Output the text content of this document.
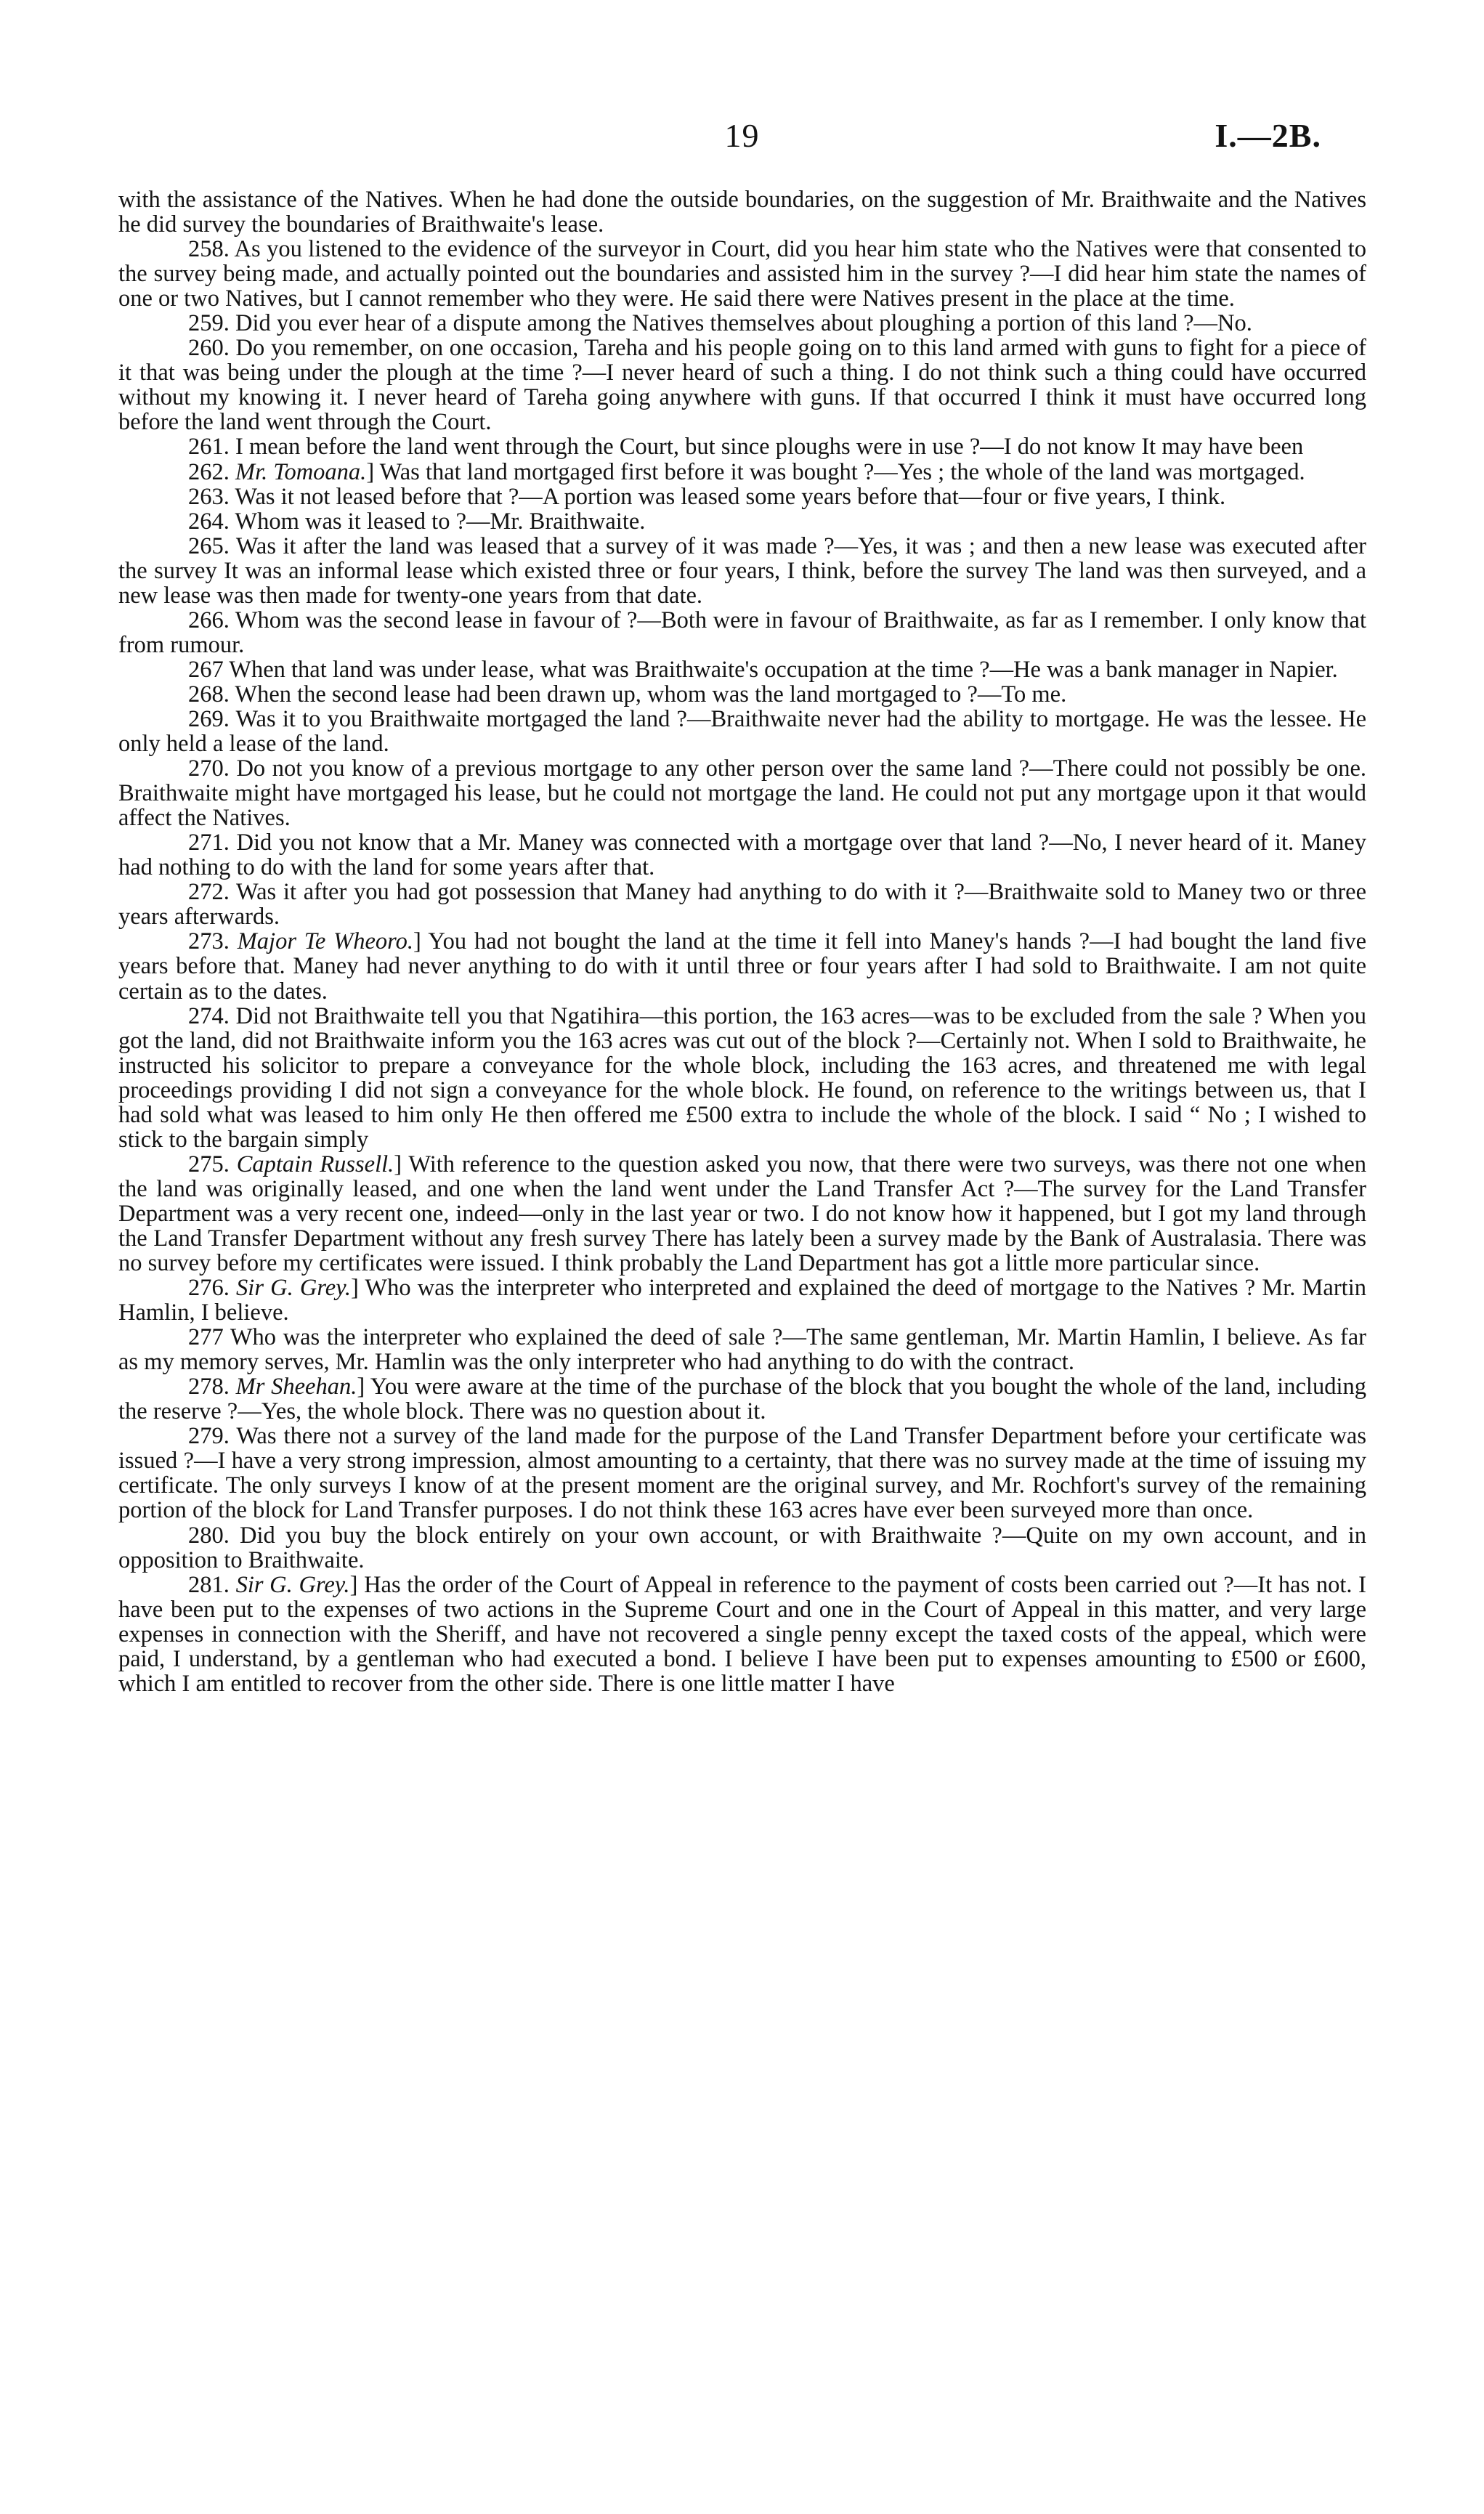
19	I.—2B.

with the assistance of the Natives. When he had done the outside boundaries, on the suggestion of Mr. Braithwaite and the Natives he did survey the boundaries of Braithwaite's lease.

258. As you listened to the evidence of the surveyor in Court, did you hear him state who the Natives were that consented to the survey being made, and actually pointed out the boundaries and assisted him in the survey ?—I did hear him state the names of one or two Natives, but I cannot remember who they were. He said there were Natives present in the place at the time.

259. Did you ever hear of a dispute among the Natives themselves about ploughing a portion of this land ?—No.

260. Do you remember, on one occasion, Tareha and his people going on to this land armed with guns to fight for a piece of it that was being under the plough at the time ?—I never heard of such a thing. I do not think such a thing could have occurred without my knowing it. I never heard of Tareha going anywhere with guns. If that occurred I think it must have occurred long before the land went through the Court.

261. I mean before the land went through the Court, but since ploughs were in use ?—I do not know It may have been

262. Mr. Tomoana.] Was that land mortgaged first before it was bought ?—Yes ; the whole of the land was mortgaged.

263. Was it not leased before that ?—A portion was leased some years before that—four or five years, I think.

264. Whom was it leased to ?—Mr. Braithwaite.

265. Was it after the land was leased that a survey of it was made ?—Yes, it was ; and then a new lease was executed after the survey It was an informal lease which existed three or four years, I think, before the survey The land was then surveyed, and a new lease was then made for twenty-one years from that date.

266. Whom was the second lease in favour of ?—Both were in favour of Braithwaite, as far as I remember. I only know that from rumour.

267 When that land was under lease, what was Braithwaite's occupation at the time ?—He was a bank manager in Napier.

268. When the second lease had been drawn up, whom was the land mortgaged to ?—To me.

269. Was it to you Braithwaite mortgaged the land ?—Braithwaite never had the ability to mortgage. He was the lessee. He only held a lease of the land.

270. Do not you know of a previous mortgage to any other person over the same land ?—There could not possibly be one. Braithwaite might have mortgaged his lease, but he could not mortgage the land. He could not put any mortgage upon it that would affect the Natives.

271. Did you not know that a Mr. Maney was connected with a mortgage over that land ?—No, I never heard of it. Maney had nothing to do with the land for some years after that.

272. Was it after you had got possession that Maney had anything to do with it ?—Braithwaite sold to Maney two or three years afterwards.

273. Major Te Wheoro.] You had not bought the land at the time it fell into Maney's hands ?—I had bought the land five years before that. Maney had never anything to do with it until three or four years after I had sold to Braithwaite. I am not quite certain as to the dates.

274. Did not Braithwaite tell you that Ngatihira—this portion, the 163 acres—was to be excluded from the sale ? When you got the land, did not Braithwaite inform you the 163 acres was cut out of the block ?—Certainly not. When I sold to Braithwaite, he instructed his solicitor to prepare a conveyance for the whole block, including the 163 acres, and threatened me with legal proceedings providing I did not sign a conveyance for the whole block. He found, on reference to the writings between us, that I had sold what was leased to him only He then offered me £500 extra to include the whole of the block. I said “ No ; I wished to stick to the bargain simply

275. Captain Russell.] With reference to the question asked you now, that there were two surveys, was there not one when the land was originally leased, and one when the land went under the Land Transfer Act ?—The survey for the Land Transfer Department was a very recent one, indeed—only in the last year or two. I do not know how it happened, but I got my land through the Land Transfer Department without any fresh survey There has lately been a survey made by the Bank of Australasia. There was no survey before my certificates were issued. I think probably the Land Department has got a little more particular since.

276. Sir G. Grey.] Who was the interpreter who interpreted and explained the deed of mortgage to the Natives ? Mr. Martin Hamlin, I believe.

277 Who was the interpreter who explained the deed of sale ?—The same gentleman, Mr. Martin Hamlin, I believe. As far as my memory serves, Mr. Hamlin was the only interpreter who had anything to do with the contract.

278. Mr Sheehan.] You were aware at the time of the purchase of the block that you bought the whole of the land, including the reserve ?—Yes, the whole block. There was no question about it.

279. Was there not a survey of the land made for the purpose of the Land Transfer Department before your certificate was issued ?—I have a very strong impression, almost amounting to a certainty, that there was no survey made at the time of issuing my certificate. The only surveys I know of at the present moment are the original survey, and Mr. Rochfort's survey of the remaining portion of the block for Land Transfer purposes. I do not think these 163 acres have ever been surveyed more than once.

280. Did you buy the block entirely on your own account, or with Braithwaite ?—Quite on my own account, and in opposition to Braithwaite.

281. Sir G. Grey.] Has the order of the Court of Appeal in reference to the payment of costs been carried out ?—It has not. I have been put to the expenses of two actions in the Supreme Court and one in the Court of Appeal in this matter, and very large expenses in connection with the Sheriff, and have not recovered a single penny except the taxed costs of the appeal, which were paid, I understand, by a gentleman who had executed a bond. I believe I have been put to expenses amounting to £500 or £600, which I am entitled to recover from the other side. There is one little matter I have
